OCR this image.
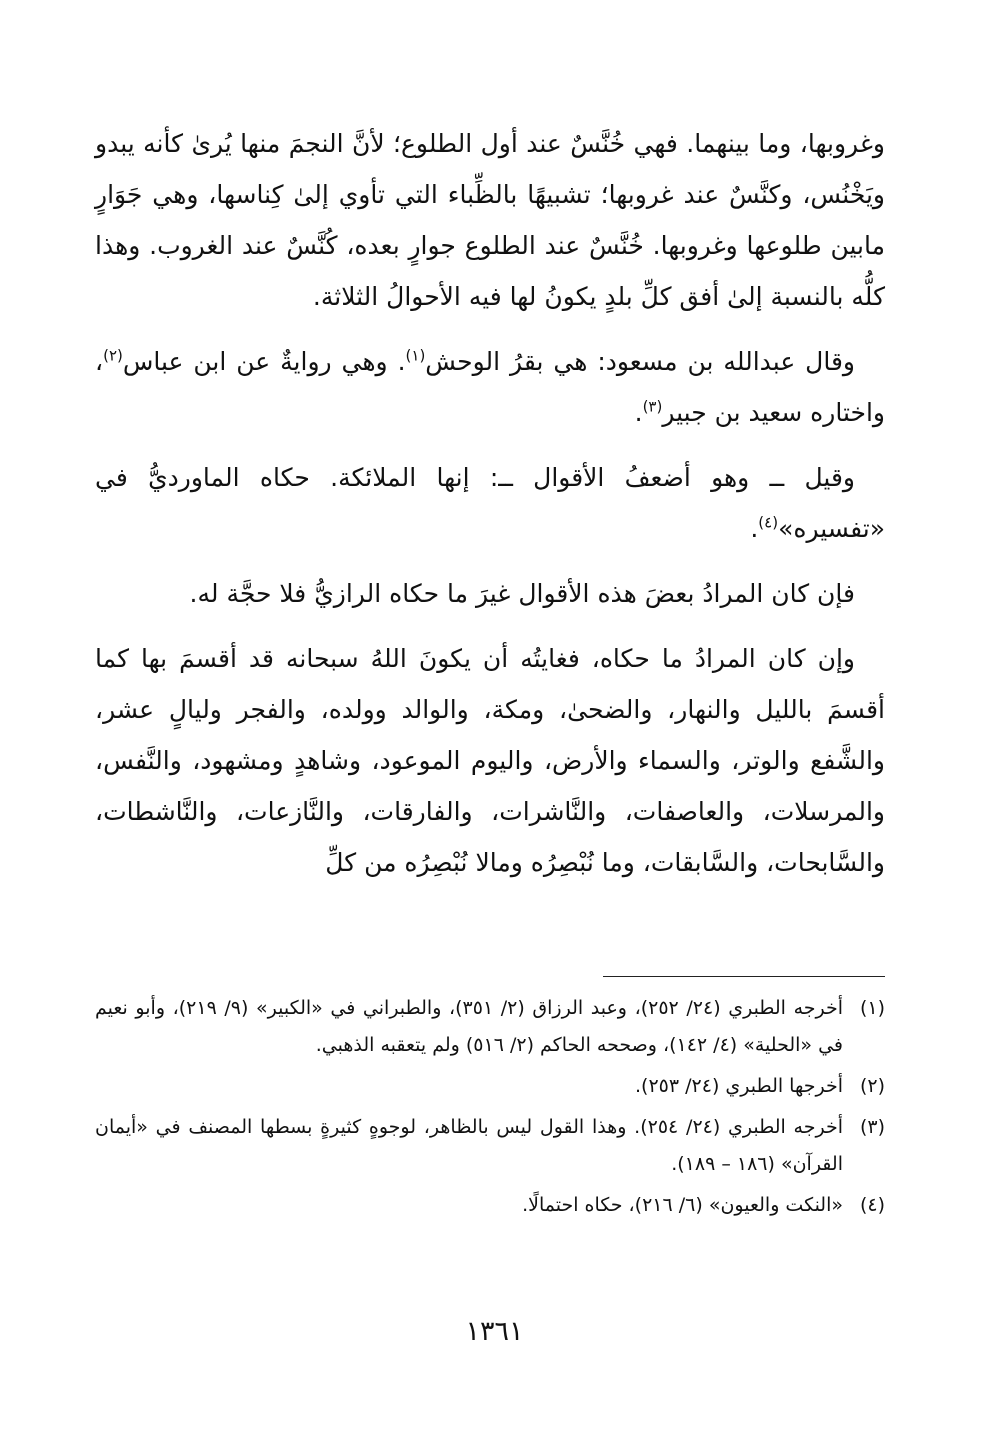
وغروبها، وما بينهما. فهي خُنَّسٌ عند أول الطلوع؛ لأنَّ النجمَ منها يُرىٰ كأنه يبدو ويَخْنُس، وكنَّسٌ عند غروبها؛ تشبيهًا بالظِّباء التي تأوي إلىٰ كِناسها، وهي جَوَارٍ مابين طلوعها وغروبها. خُنَّسٌ عند الطلوع جوارٍ بعده، كُنَّسٌ عند الغروب. وهذا كلُّه بالنسبة إلىٰ أفق كلِّ بلدٍ يكونُ لها فيه الأحوالُ الثلاثة.

وقال عبدالله بن مسعود: هي بقرُ الوحش$^{(١)}$. وهي روايةٌ عن ابن عباس$^{(٢)}$، واختاره سعيد بن جبير$^{(٣)}$.

وقيل ــ وهو أضعفُ الأقوال ــ: إنها الملائكة. حكاه الماورديُّ في «تفسيره»$^{(٤)}$.

فإن كان المرادُ بعضَ هذه الأقوال غيرَ ما حكاه الرازيُّ فلا حجَّة له.

وإن كان المرادُ ما حكاه، فغايتُه أن يكونَ اللهُ سبحانه قد أقسمَ بها كما أقسمَ بالليل والنهار، والضحىٰ، ومكة، والوالد وولده، والفجر وليالٍ عشر، والشَّفع والوتر، والسماء والأرض، واليوم الموعود، وشاهدٍ ومشهود، والنَّفس، والمرسلات، والعاصفات، والنَّاشرات، والفارقات، والنَّازعات، والنَّاشطات، والسَّابحات، والسَّابقات، وما نُبْصِرُه ومالا نُبْصِرُه من كلِّ

(١)
أخرجه الطبري (٢٤/ ٢٥٢)، وعبد الرزاق (٢/ ٣٥١)، والطبراني في «الكبير» (٩/ ٢١٩)، وأبو نعيم في «الحلية» (٤/ ١٤٢)، وصححه الحاكم (٢/ ٥١٦) ولم يتعقبه الذهبي.
(٢)
أخرجها الطبري (٢٤/ ٢٥٣).
(٣)
أخرجه الطبري (٢٤/ ٢٥٤). وهذا القول ليس بالظاهر، لوجوهٍ كثيرةٍ بسطها المصنف في «أيمان القرآن» (١٨٦ – ١٨٩).
(٤)
«النكت والعيون» (٦/ ٢١٦)، حكاه احتمالًا.
١٣٦١
